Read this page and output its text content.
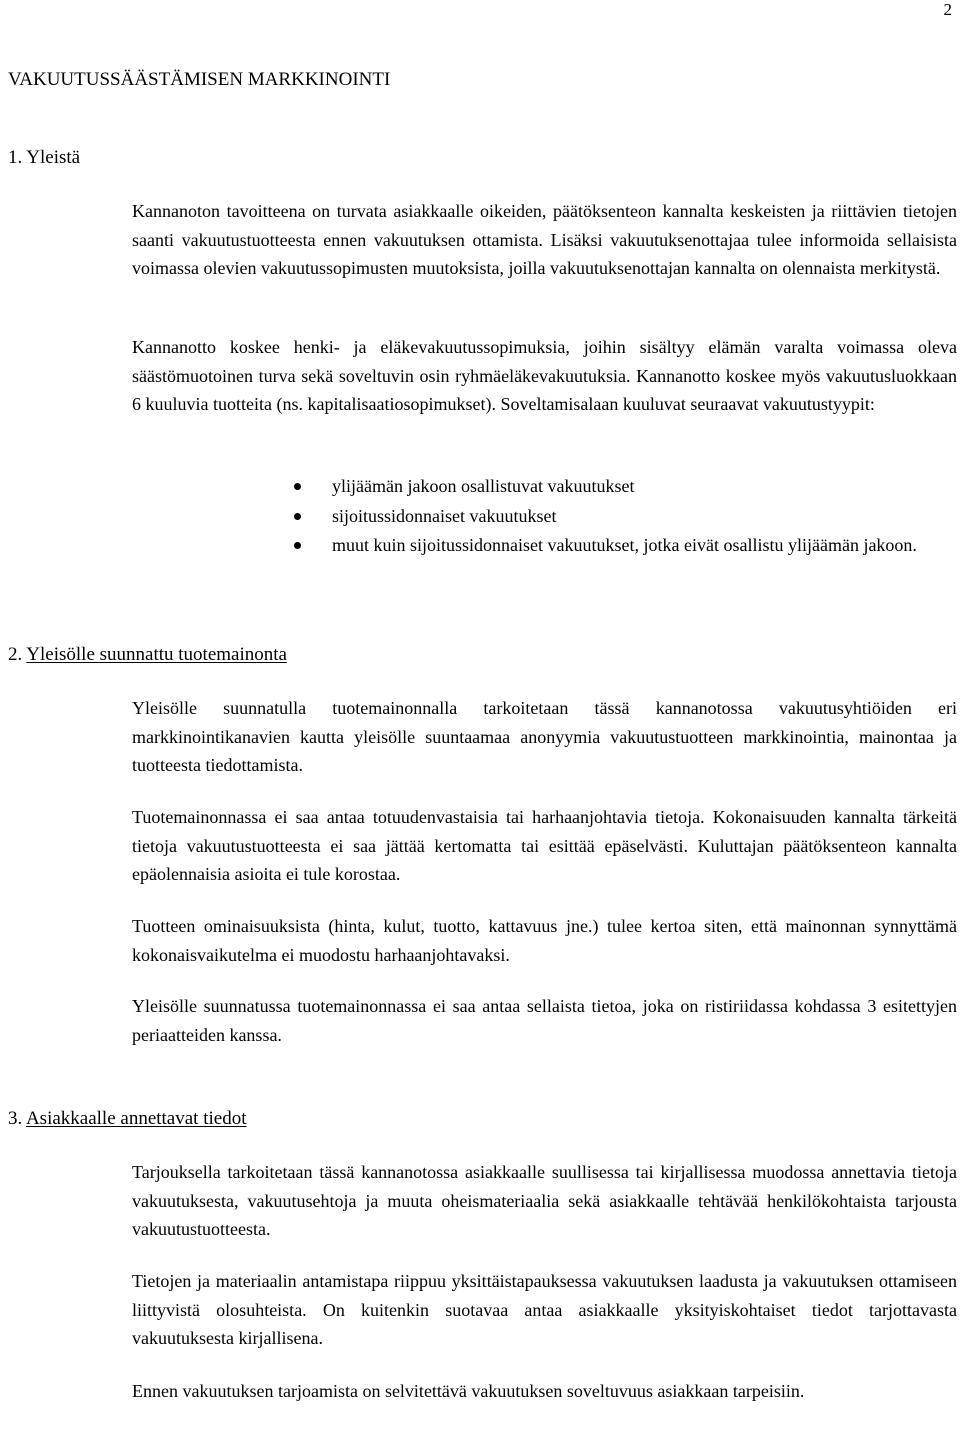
2
VAKUUTUSSÄÄSTÄMISEN MARKKINOINTI
1. Yleistä

Kannanoton tavoitteena on turvata asiakkaalle oikeiden, päätöksenteon kannalta keskeisten ja riittävien tietojen saanti vakuutustuotteesta ennen vakuutuksen ottamista. Lisäksi vakuutuksenottajaa tulee informoida sellaisista voimassa olevien vakuutussopimusten muutoksista, joilla vakuutuksenottajan kannalta on olennaista merkitystä.

Kannanotto koskee henki- ja eläkevakuutussopimuksia, joihin sisältyy elämän varalta voimassa oleva säästömuotoinen turva sekä soveltuvin osin ryhmäeläkevakuutuksia. Kannanotto koskee myös vakuutusluokkaan 6 kuuluvia tuotteita (ns. kapitalisaatiosopimukset). Soveltamisalaan kuuluvat seuraavat vakuutustyypit:

ylijäämän jakoon osallistuvat vakuutukset
sijoitussidonnaiset vakuutukset
muut kuin sijoitussidonnaiset vakuutukset, jotka eivät osallistu ylijäämän jakoon.
2. Yleisölle suunnattu tuotemainonta

Yleisölle suunnatulla tuotemainonnalla tarkoitetaan tässä kannanotossa vakuutusyhtiöiden eri markkinointikanavien kautta yleisölle suuntaamaa anonyymia vakuutustuotteen markkinointia, mainontaa ja tuotteesta tiedottamista.

Tuotemainonnassa ei saa antaa totuudenvastaisia tai harhaanjohtavia tietoja. Kokonaisuuden kannalta tärkeitä tietoja vakuutustuotteesta ei saa jättää kertomatta tai esittää epäselvästi. Kuluttajan päätöksenteon kannalta epäolennaisia asioita ei tule korostaa.

Tuotteen ominaisuuksista (hinta, kulut, tuotto, kattavuus jne.) tulee kertoa siten, että mainonnan synnyttämä kokonaisvaikutelma ei muodostu harhaanjohtavaksi.

Yleisölle suunnatussa tuotemainonnassa ei saa antaa sellaista tietoa, joka on ristiriidassa kohdassa 3 esitettyjen periaatteiden kanssa.

3. Asiakkaalle annettavat tiedot

Tarjouksella tarkoitetaan tässä kannanotossa asiakkaalle suullisessa tai kirjallisessa muodossa annettavia tietoja vakuutuksesta, vakuutusehtoja ja muuta oheismateriaalia sekä asiakkaalle tehtävää henkilökohtaista tarjousta vakuutustuotteesta.

Tietojen ja materiaalin antamistapa riippuu yksittäistapauksessa vakuutuksen laadusta ja vakuutuksen ottamiseen liittyvistä olosuhteista. On kuitenkin suotavaa antaa asiakkaalle yksityiskohtaiset tiedot tarjottavasta vakuutuksesta kirjallisena.

Ennen vakuutuksen tarjoamista on selvitettävä vakuutuksen soveltuvuus asiakkaan tarpeisiin.
